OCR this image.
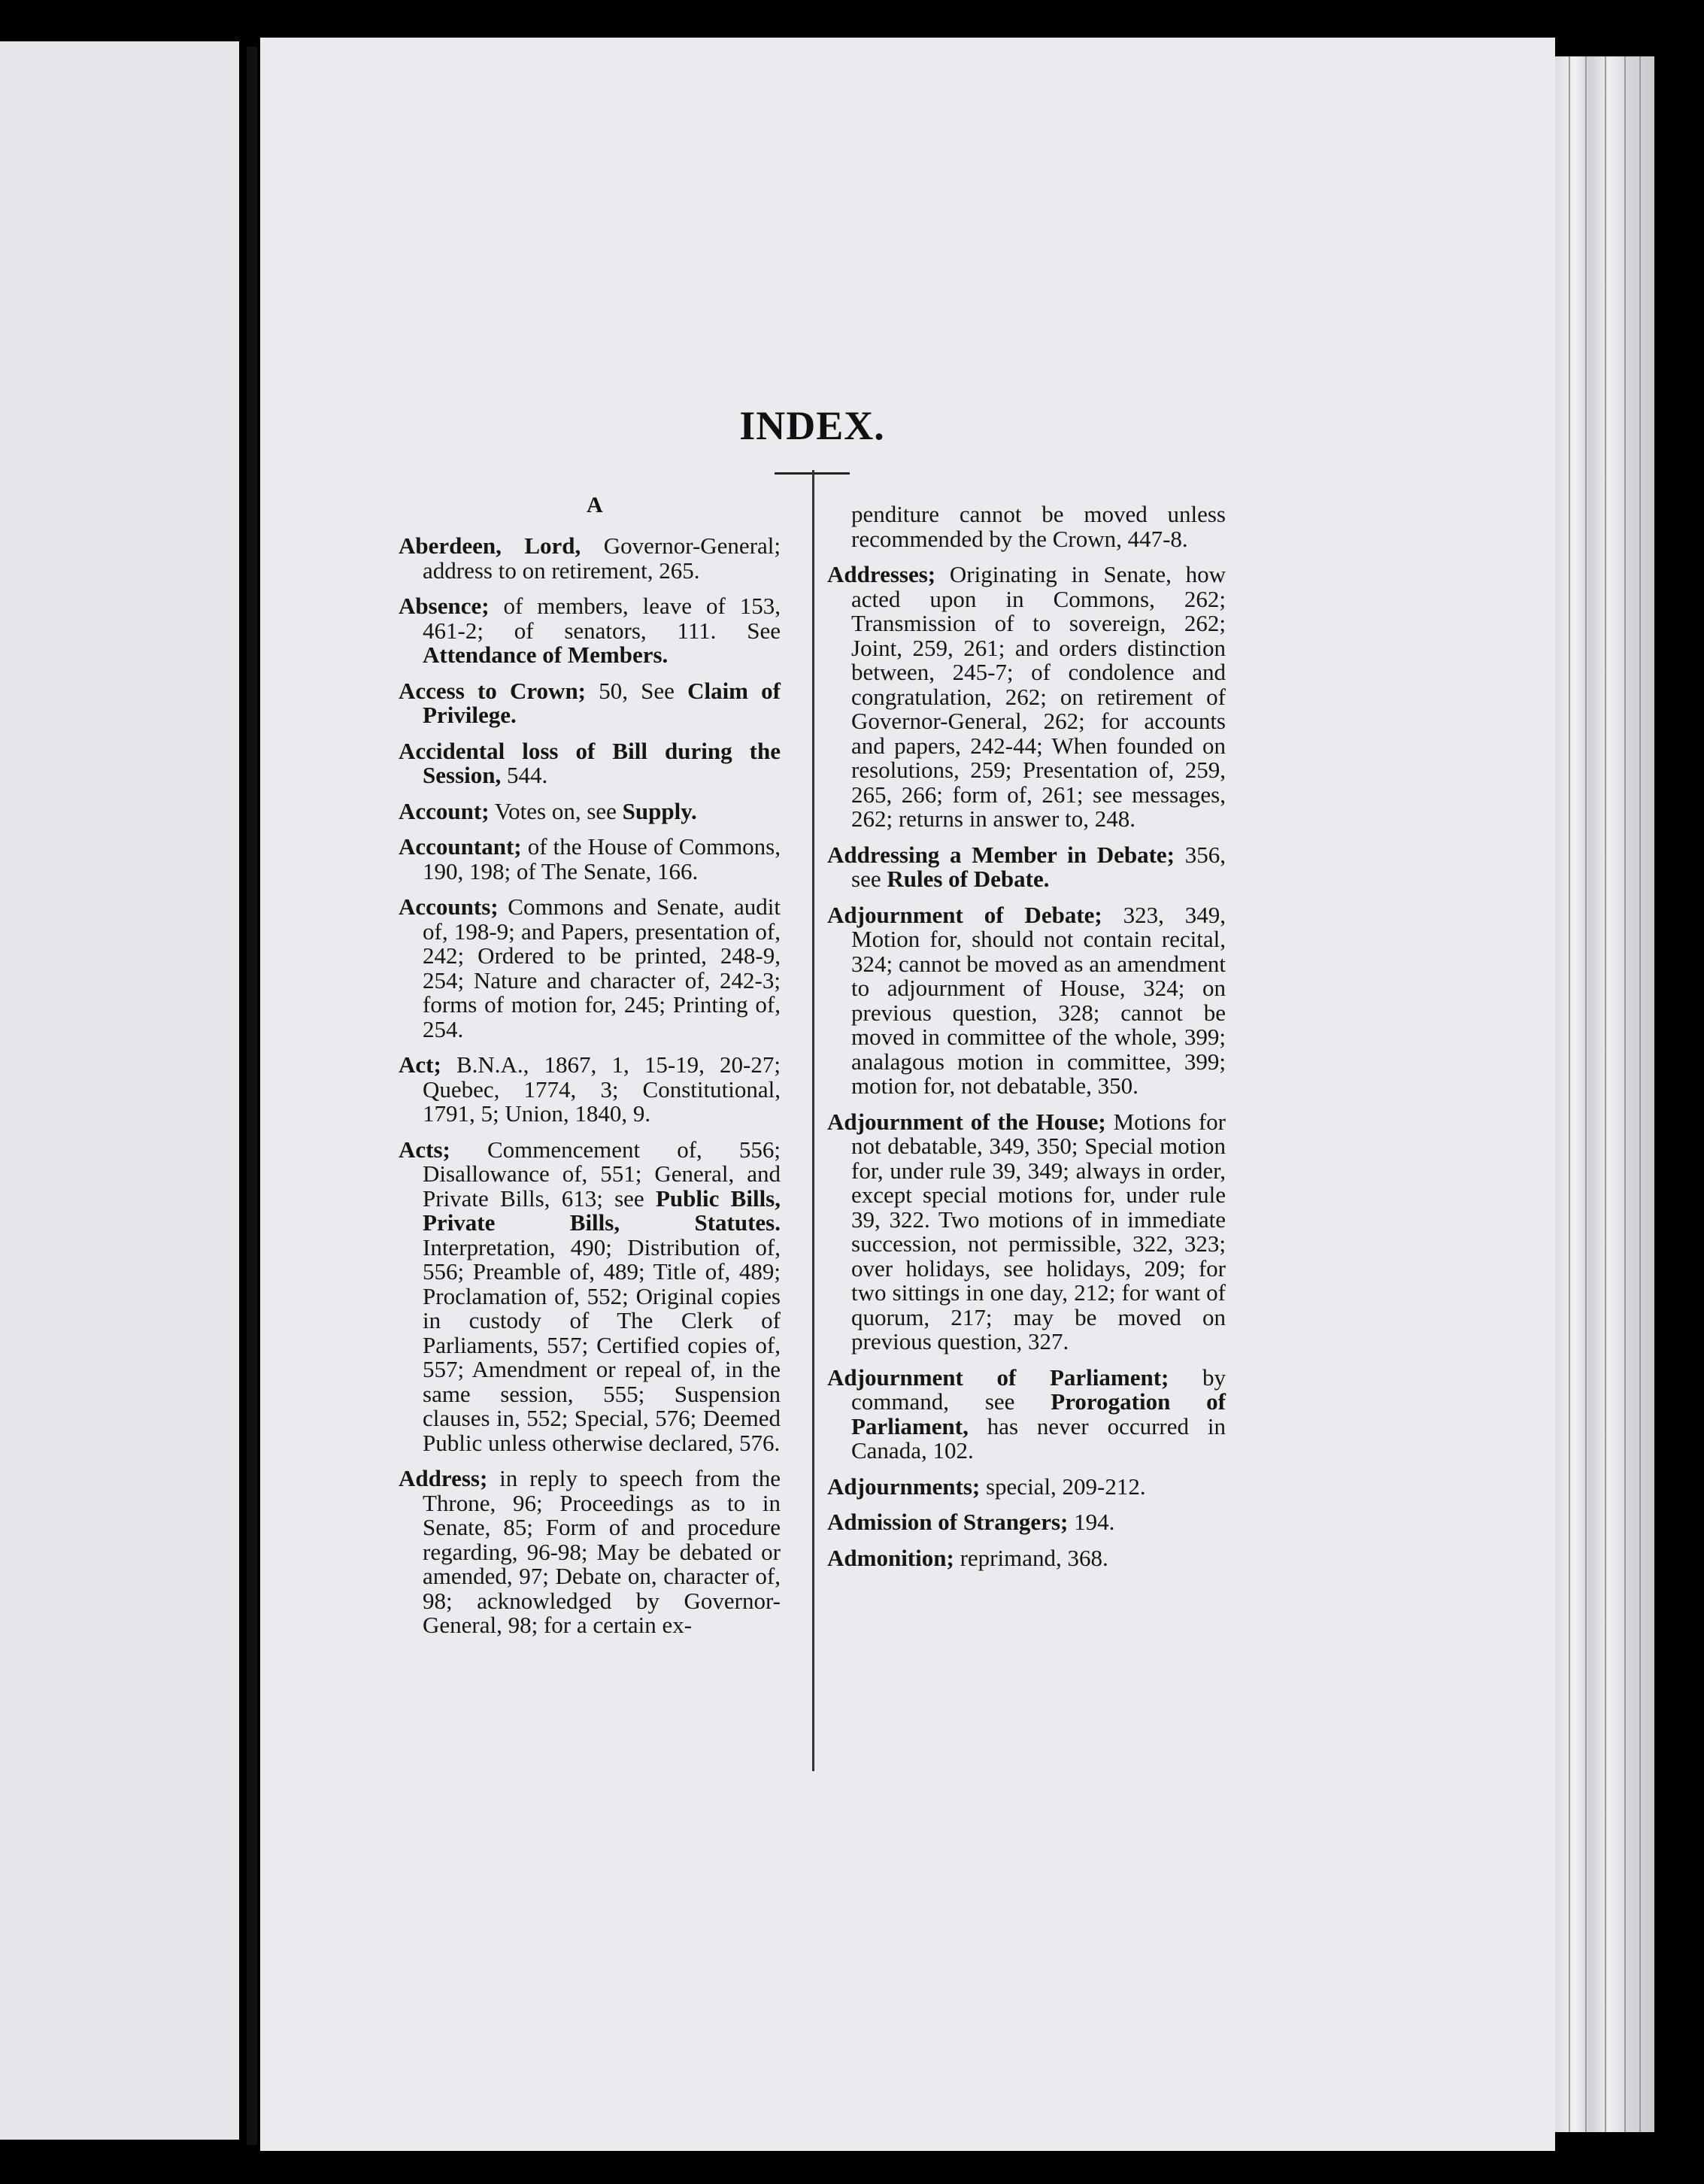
INDEX.
A

Aberdeen, Lord, Governor-General; address to on retirement, 265.

Absence; of members, leave of 153, 461-2; of senators, 111. See Attendance of Members.

Access to Crown; 50, See Claim of Privilege.

Accidental loss of Bill during the Session, 544.

Account; Votes on, see Supply.

Accountant; of the House of Commons, 190, 198; of The Senate, 166.

Accounts; Commons and Senate, audit of, 198-9; and Papers, presentation of, 242; Ordered to be printed, 248-9, 254; Nature and character of, 242-3; forms of motion for, 245; Printing of, 254.

Act; B.N.A., 1867, 1, 15-19, 20-27; Quebec, 1774, 3; Constitutional, 1791, 5; Union, 1840, 9.

Acts; Commencement of, 556; Disallowance of, 551; General, and Private Bills, 613; see Public Bills, Private Bills, Statutes. Interpretation, 490; Distribution of, 556; Preamble of, 489; Title of, 489; Proclamation of, 552; Original copies in custody of The Clerk of Parliaments, 557; Certified copies of, 557; Amendment or repeal of, in the same session, 555; Suspension clauses in, 552; Special, 576; Deemed Public unless otherwise declared, 576.

Address; in reply to speech from the Throne, 96; Proceedings as to in Senate, 85; Form of and procedure regarding, 96-98; May be debated or amended, 97; Debate on, character of, 98; acknowledged by Governor-General, 98; for a certain ex-

penditure cannot be moved unless recommended by the Crown, 447-8.

Addresses; Originating in Senate, how acted upon in Commons, 262; Transmission of to sovereign, 262; Joint, 259, 261; and orders distinction between, 245-7; of condolence and congratulation, 262; on retirement of Governor-General, 262; for accounts and papers, 242-44; When founded on resolutions, 259; Presentation of, 259, 265, 266; form of, 261; see messages, 262; returns in answer to, 248.

Addressing a Member in Debate; 356, see Rules of Debate.

Adjournment of Debate; 323, 349, Motion for, should not contain recital, 324; cannot be moved as an amendment to adjournment of House, 324; on previous question, 328; cannot be moved in committee of the whole, 399; analagous motion in committee, 399; motion for, not debatable, 350.

Adjournment of the House; Motions for not debatable, 349, 350; Special motion for, under rule 39, 349; always in order, except special motions for, under rule 39, 322. Two motions of in immediate succession, not permissible, 322, 323; over holidays, see holidays, 209; for two sittings in one day, 212; for want of quorum, 217; may be moved on previous question, 327.

Adjournment of Parliament; by command, see Prorogation of Parliament, has never occurred in Canada, 102.

Adjournments; special, 209-212.

Admission of Strangers; 194.

Admonition; reprimand, 368.
